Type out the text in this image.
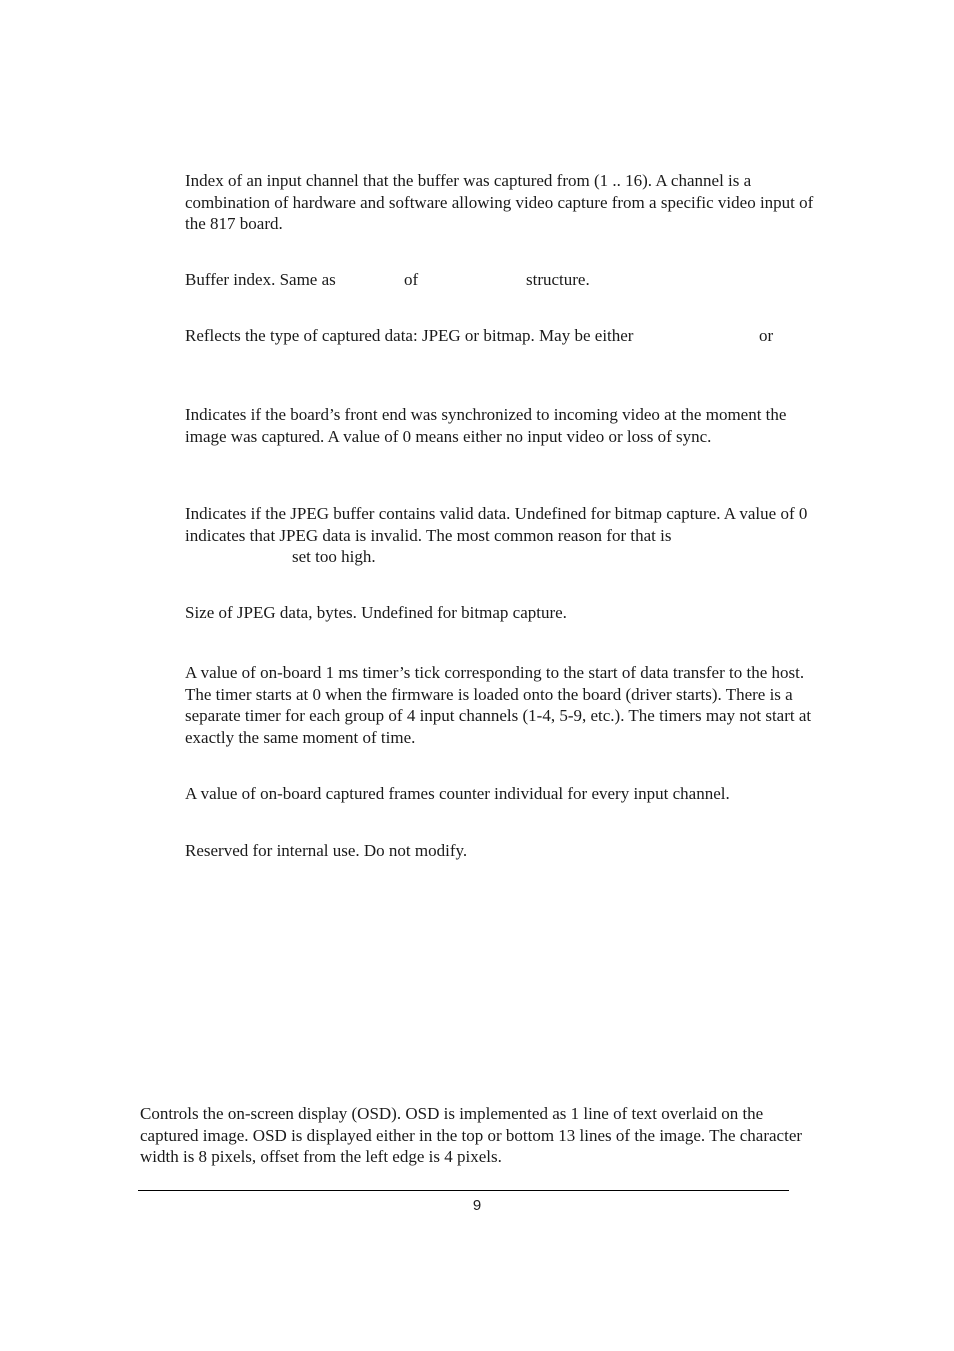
Index of an input channel that the buffer was captured from (1 .. 16). A channel is a combination of hardware and software allowing video capture from a specific video input of the 817 board.

Buffer index. Same as	of	structure.
Reflects the type of captured data: JPEG or bitmap. May be either	or

Indicates if the board’s front end was synchronized to incoming video at the moment the image was captured. A value of 0 means either no input video or loss of sync.

Indicates if the JPEG buffer contains valid data. Undefined for bitmap capture. A value of 0 indicates that JPEG data is invalid. The most common reason for that is

set too high.

Size of JPEG data, bytes. Undefined for bitmap capture.

A value of on-board 1 ms timer’s tick corresponding to the start of data transfer to the host. The timer starts at 0 when the firmware is loaded onto the board (driver starts). There is a separate timer for each group of 4 input channels (1-4, 5-9, etc.). The timers may not start at exactly the same moment of time.

A value of on-board captured frames counter individual for every input channel.

Reserved for internal use. Do not modify.

Controls the on-screen display (OSD). OSD is implemented as 1 line of text overlaid on the captured image. OSD is displayed either in the top or bottom 13 lines of the image. The character width is 8 pixels, offset from the left edge is 4 pixels.

9
